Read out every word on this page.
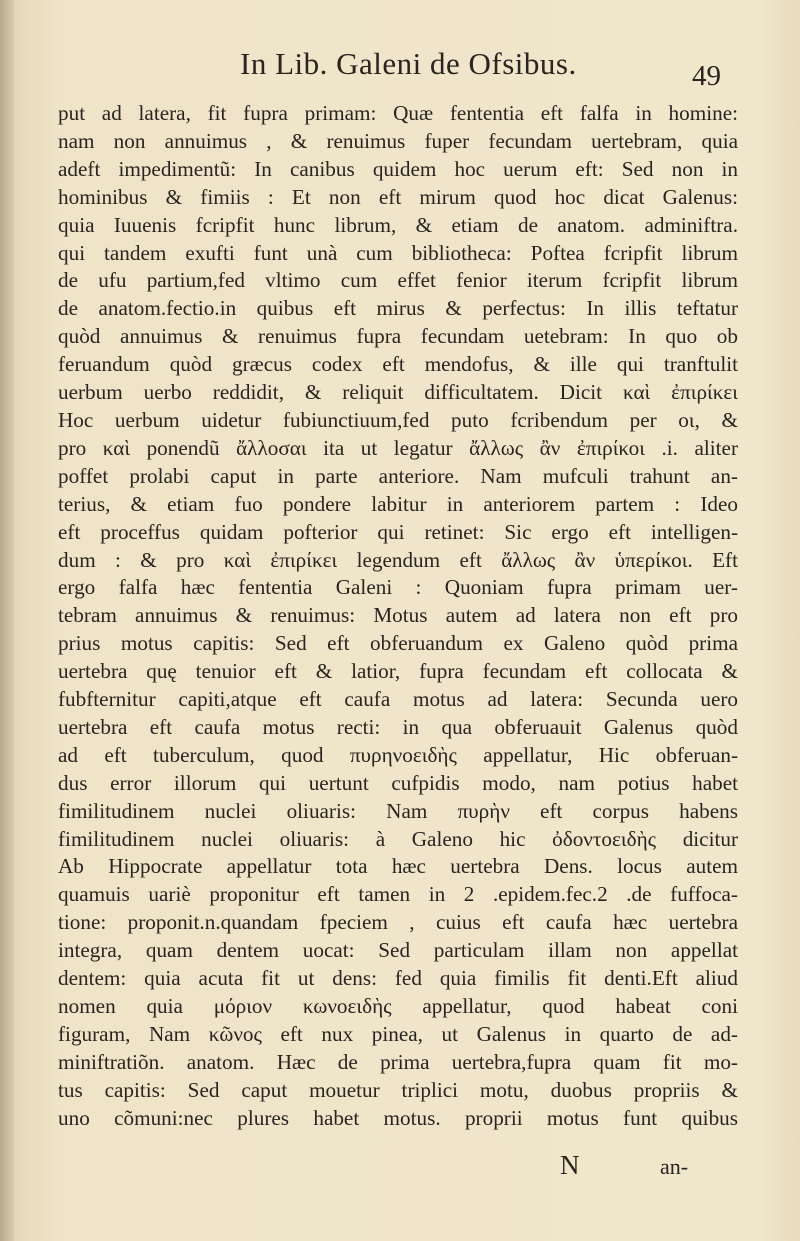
In Lib. Galeni de Ofsibus.	49
put ad latera, fit fupra primam: Quæ fententia eft falfa in homine:
nam non annuimus , & renuimus fuper fecundam uertebram, quia
adeft impedimentũ: In canibus quidem hoc uerum eft: Sed non in
hominibus & fimiis : Et non eft mirum quod hoc dicat Galenus:
quia Iuuenis fcripfit hunc librum, & etiam de anatom. adminiftra.
qui tandem exufti funt unà cum bibliotheca: Poftea fcripfit librum
de ufu partium,fed vltimo cum effet fenior iterum fcripfit librum
de anatom.fectio.in quibus eft mirus & perfectus: In illis teftatur
quòd annuimus & renuimus fupra fecundam uetebram: In quo ob
feruandum quòd græcus codex eft mendofus, & ille qui tranftulit
uerbum uerbo reddidit, & reliquit difficultatem. Dicit καὶ ἐπιρίκει
Hoc uerbum uidetur fubiunctiuum,fed puto fcribendum per οι, &
pro καὶ ponendũ ἄλλοσαι ita ut legatur ἄλλως ἂν ἐπιρίκοι .i. aliter
poffet prolabi caput in parte anteriore. Nam mufculi trahunt an-
terius, & etiam fuo pondere labitur in anteriorem partem : Ideo
eft proceffus quidam pofterior qui retinet: Sic ergo eft intelligen-
dum : & pro καὶ ἐπιρίκει legendum eft ἄλλως ἂν ὑπερίκοι. Eft
ergo falfa hæc fententia Galeni : Quoniam fupra primam uer-
tebram annuimus & renuimus: Motus autem ad latera non eft pro
prius motus capitis: Sed eft obferuandum ex Galeno quòd prima
uertebra quę tenuior eft & latior, fupra fecundam eft collocata &
fubfternitur capiti,atque eft caufa motus ad latera: Secunda uero
uertebra eft caufa motus recti: in qua obferuauit Galenus quòd
ad eft tuberculum, quod πυρηνοειδὴς appellatur, Hic obferuan-
dus error illorum qui uertunt cufpidis modo, nam potius habet
fimilitudinem nuclei oliuaris: Nam πυρὴν eft corpus habens
fimilitudinem nuclei oliuaris: à Galeno hic ὀδοντοειδὴς dicitur
Ab Hippocrate appellatur tota hæc uertebra Dens. locus autem
quamuis uariè proponitur eft tamen in 2 .epidem.fec.2 .de fuffoca-
tione: proponit.n.quandam fpeciem , cuius eft caufa hæc uertebra
integra, quam dentem uocat: Sed particulam illam non appellat
dentem: quia acuta fit ut dens: fed quia fimilis fit denti.Eft aliud
nomen quia μόριον κωνοειδὴς appellatur, quod habeat coni
figuram, Nam κῶνος eft nux pinea, ut Galenus in quarto de ad-
miniftratiõn. anatom. Hæc de prima uertebra,fupra quam fit mo-
tus capitis: Sed caput mouetur triplici motu, duobus propriis &
uno cõmuni:nec plures habet motus. proprii motus funt quibus
N	an-
